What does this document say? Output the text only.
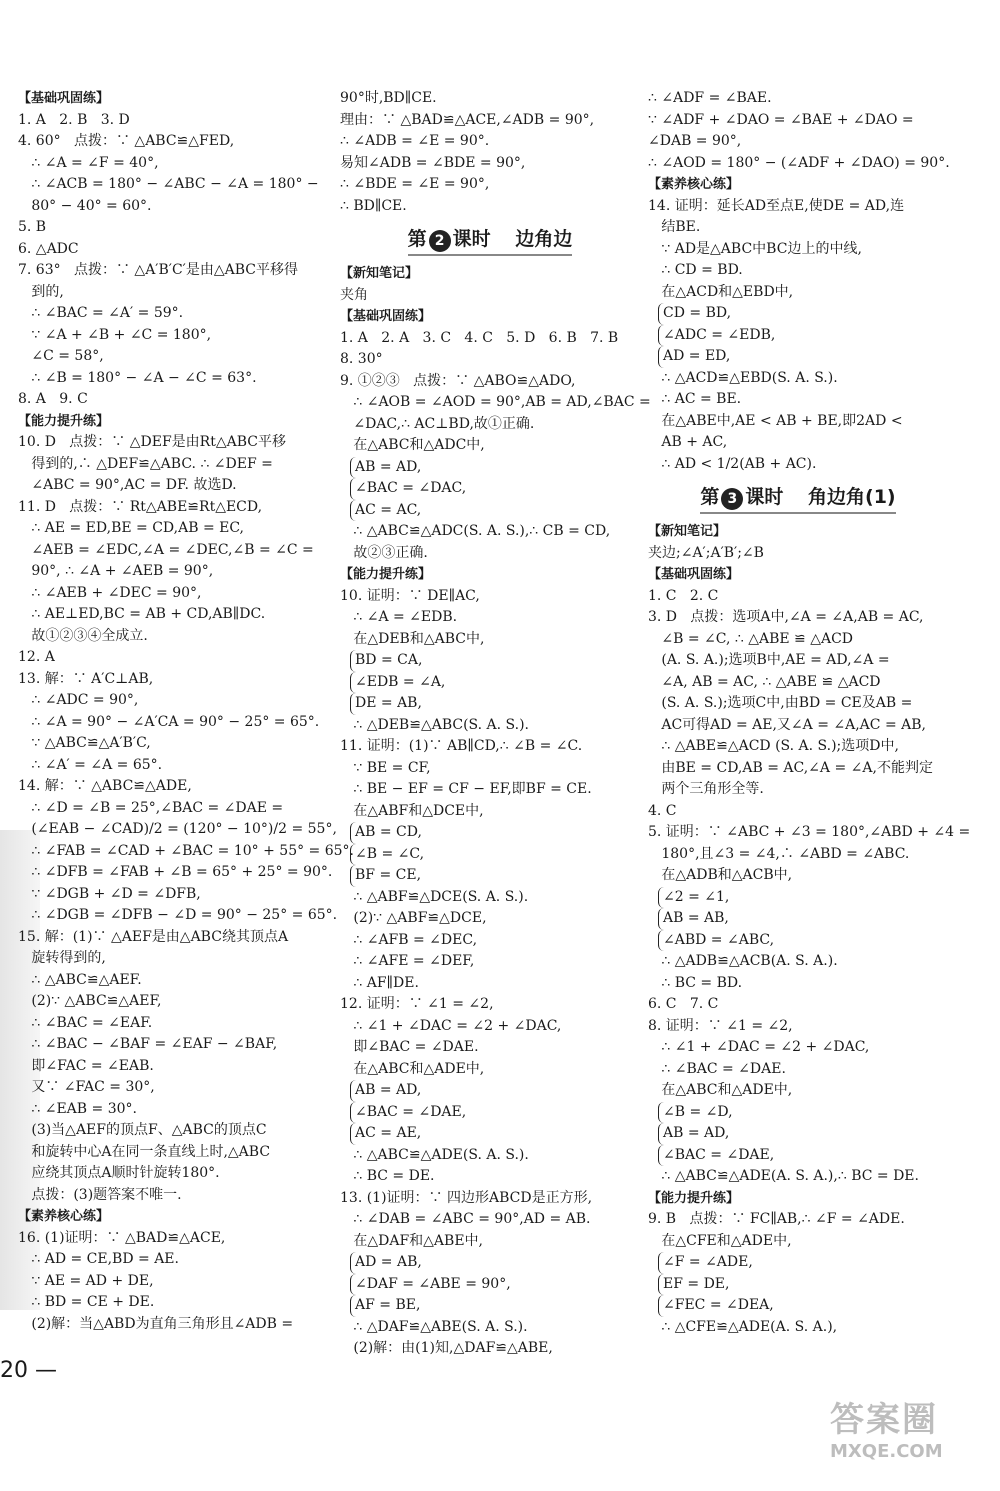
【基础巩固练】
1. A   2. B   3. D
4. 60°   点拨：∵ △ABC≌△FED,
∴ ∠A = ∠F = 40°,
∴ ∠ACB = 180° − ∠ABC − ∠A = 180° −
80° − 40° = 60°.
5. B
6. △ADC
7. 63°   点拨：∵ △A′B′C′是由△ABC平移得
到的,
∴ ∠BAC = ∠A′ = 59°.
∵ ∠A + ∠B + ∠C = 180°,
∠C = 58°,
∴ ∠B = 180° − ∠A − ∠C = 63°.
8. A   9. C
【能力提升练】
10. D   点拨：∵ △DEF是由Rt△ABC平移
得到的,∴ △DEF≌△ABC. ∴ ∠DEF =
∠ABC = 90°,AC = DF. 故选D.
11. D   点拨：∵ Rt△ABE≌Rt△ECD,
∴ AE = ED,BE = CD,AB = EC,
∠AEB = ∠EDC,∠A = ∠DEC,∠B = ∠C =
90°, ∴ ∠A + ∠AEB = 90°,
∴ ∠AEB + ∠DEC = 90°,
∴ AE⊥ED,BC = AB + CD,AB∥DC.
故①②③④全成立.
12. A
13. 解：∵ A′C⊥AB,
∴ ∠ADC = 90°,
∴ ∠A = 90° − ∠A′CA = 90° − 25° = 65°.
∵ △ABC≌△A′B′C,
∴ ∠A′ = ∠A = 65°.
14. 解：∵ △ABC≌△ADE,
∴ ∠D = ∠B = 25°,∠BAC = ∠DAE =
(∠EAB − ∠CAD)/2 = (120° − 10°)/2 = 55°,
∴ ∠FAB = ∠CAD + ∠BAC = 10° + 55° = 65°.
∴ ∠DFB = ∠FAB + ∠B = 65° + 25° = 90°.
∵ ∠DGB + ∠D = ∠DFB,
∴ ∠DGB = ∠DFB − ∠D = 90° − 25° = 65°.
15. 解：(1)∵ △AEF是由△ABC绕其顶点A
旋转得到的,
∴ △ABC≌△AEF.
(2)∵ △ABC≌△AEF,
∴ ∠BAC = ∠EAF.
∴ ∠BAC − ∠BAF = ∠EAF − ∠BAF,
即∠FAC = ∠EAB.
又∵ ∠FAC = 30°,
∴ ∠EAB = 30°.
(3)当△AEF的顶点F、△ABC的顶点C
和旋转中心A在同一条直线上时,△ABC
应绕其顶点A顺时针旋转180°.
点拨：(3)题答案不唯一.
【素养核心练】
16. (1)证明：∵ △BAD≌△ACE,
∴ AD = CE,BD = AE.
∵ AE = AD + DE,
∴ BD = CE + DE.
(2)解：当△ABD为直角三角形且∠ADB =
90°时,BD∥CE.
理由：∵ △BAD≌△ACE,∠ADB = 90°,
∴ ∠ADB = ∠E = 90°.
易知∠ADB = ∠BDE = 90°,
∴ ∠BDE = ∠E = 90°,
∴ BD∥CE.
第 2 课时 边角边
【新知笔记】
夹角
【基础巩固练】
1. A   2. A   3. C   4. C   5. D   6. B   7. B
8. 30°
9. ①②③   点拨：∵ △ABO≌△ADO,
∴ ∠AOB = ∠AOD = 90°,AB = AD,∠BAC =
∠DAC,∴ AC⊥BD,故①正确.
在△ABC和△ADC中,
AB = AD,
∠BAC = ∠DAC,
AC = AC,
∴ △ABC≌△ADC(S. A. S.),∴ CB = CD,
故②③正确.
【能力提升练】
10. 证明：∵ DE∥AC,
∴ ∠A = ∠EDB.
在△DEB和△ABC中,
BD = CA,
∠EDB = ∠A,
DE = AB,
∴ △DEB≌△ABC(S. A. S.).
11. 证明：(1)∵ AB∥CD,∴ ∠B = ∠C.
∵ BE = CF,
∴ BE − EF = CF − EF,即BF = CE.
在△ABF和△DCE中,
AB = CD,
∠B = ∠C,
BF = CE,
∴ △ABF≌△DCE(S. A. S.).
(2)∵ △ABF≌△DCE,
∴ ∠AFB = ∠DEC,
∴ ∠AFE = ∠DEF,
∴ AF∥DE.
12. 证明：∵ ∠1 = ∠2,
∴ ∠1 + ∠DAC = ∠2 + ∠DAC,
即∠BAC = ∠DAE.
在△ABC和△ADE中,
AB = AD,
∠BAC = ∠DAE,
AC = AE,
∴ △ABC≌△ADE(S. A. S.).
∴ BC = DE.
13. (1)证明：∵ 四边形ABCD是正方形,
∴ ∠DAB = ∠ABC = 90°,AD = AB.
在△DAF和△ABE中,
AD = AB,
∠DAF = ∠ABE = 90°,
AF = BE,
∴ △DAF≌△ABE(S. A. S.).
(2)解：由(1)知,△DAF≌△ABE,
∴ ∠ADF = ∠BAE.
∵ ∠ADF + ∠DAO = ∠BAE + ∠DAO =
∠DAB = 90°,
∴ ∠AOD = 180° − (∠ADF + ∠DAO) = 90°.
【素养核心练】
14. 证明：延长AD至点E,使DE = AD,连
结BE.
∵ AD是△ABC中BC边上的中线,
∴ CD = BD.
在△ACD和△EBD中,
CD = BD,
∠ADC = ∠EDB,
AD = ED,
∴ △ACD≌△EBD(S. A. S.).
∴ AC = BE.
在△ABE中,AE < AB + BE,即2AD <
AB + AC,
∴ AD < 1/2(AB + AC).
第 3 课时 角边角(1)
【新知笔记】
夹边;∠A′;A′B′;∠B
【基础巩固练】
1. C   2. C
3. D   点拨：选项A中,∠A = ∠A,AB = AC,
∠B = ∠C, ∴ △ABE ≌ △ACD
(A. S. A.);选项B中,AE = AD,∠A =
∠A, AB = AC, ∴ △ABE ≌ △ACD
(S. A. S.);选项C中,由BD = CE及AB =
AC可得AD = AE,又∠A = ∠A,AC = AB,
∴ △ABE≌△ACD (S. A. S.);选项D中,
由BE = CD,AB = AC,∠A = ∠A,不能判定
两个三角形全等.
4. C
5. 证明：∵ ∠ABC + ∠3 = 180°,∠ABD + ∠4 =
180°,且∠3 = ∠4,∴ ∠ABD = ∠ABC.
在△ADB和△ACB中,
∠2 = ∠1,
AB = AB,
∠ABD = ∠ABC,
∴ △ADB≌△ACB(A. S. A.).
∴ BC = BD.
6. C   7. C
8. 证明：∵ ∠1 = ∠2,
∴ ∠1 + ∠DAC = ∠2 + ∠DAC,
∴ ∠BAC = ∠DAE.
在△ABC和△ADE中,
∠B = ∠D,
AB = AD,
∠BAC = ∠DAE,
∴ △ABC≌△ADE(A. S. A.),∴ BC = DE.
【能力提升练】
9. B   点拨：∵ FC∥AB,∴ ∠F = ∠ADE.
在△CFE和△ADE中,
∠F = ∠ADE,
EF = DE,
∠FEC = ∠DEA,
∴ △CFE≌△ADE(A. S. A.),
20 —
答案圈
MXQE.COM
